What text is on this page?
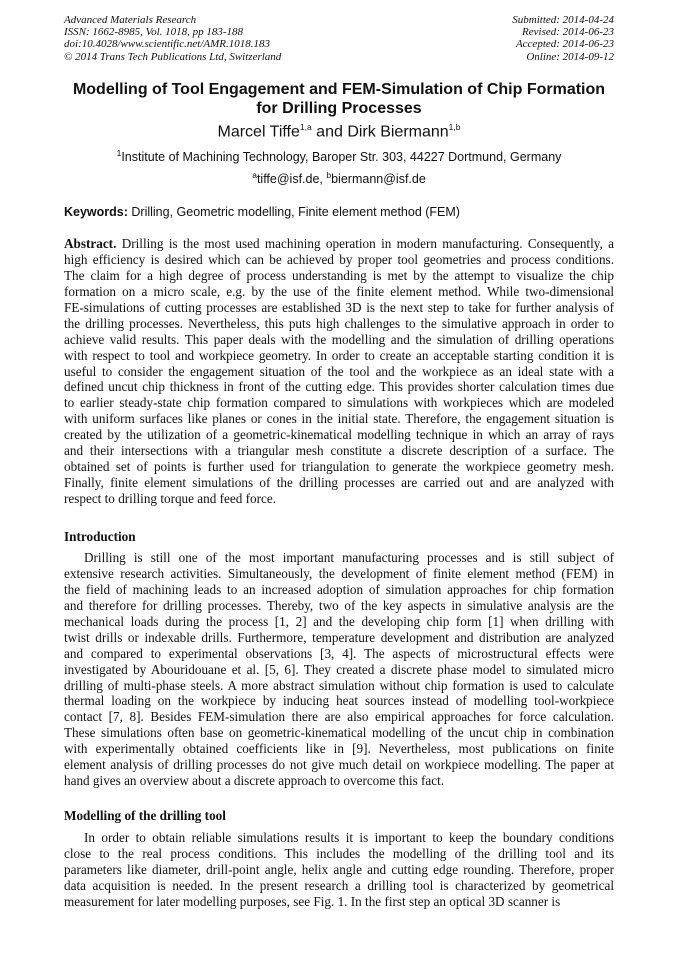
Advanced Materials Research
ISSN: 1662-8985, Vol. 1018, pp 183-188
doi:10.4028/www.scientific.net/AMR.1018.183
© 2014 Trans Tech Publications Ltd, Switzerland
Submitted: 2014-04-24
Revised: 2014-06-23
Accepted: 2014-06-23
Online: 2014-09-12
Modelling of Tool Engagement and FEM-Simulation of Chip Formation
for Drilling Processes
Marcel Tiffe$^{1,a}$ and Dirk Biermann$^{1,b}$
$^1$Institute of Machining Technology, Baroper Str. 303, 44227 Dortmund, Germany
$^a$tiffe@isf.de, $^b$biermann@isf.de
Keywords: Drilling, Geometric modelling, Finite element method (FEM)
Abstract. Drilling is the most used machining operation in modern manufacturing. Consequently, a
high efficiency is desired which can be achieved by proper tool geometries and process conditions.
The claim for a high degree of process understanding is met by the attempt to visualize the chip
formation on a micro scale, e.g. by the use of the finite element method. While two-dimensional
FE-simulations of cutting processes are established 3D is the next step to take for further analysis of
the drilling processes. Nevertheless, this puts high challenges to the simulative approach in order to
achieve valid results. This paper deals with the modelling and the simulation of drilling operations
with respect to tool and workpiece geometry. In order to create an acceptable starting condition it is
useful to consider the engagement situation of the tool and the workpiece as an ideal state with a
defined uncut chip thickness in front of the cutting edge. This provides shorter calculation times due
to earlier steady-state chip formation compared to simulations with workpieces which are modeled
with uniform surfaces like planes or cones in the initial state. Therefore, the engagement situation is
created by the utilization of a geometric-kinematical modelling technique in which an array of rays
and their intersections with a triangular mesh constitute a discrete description of a surface. The
obtained set of points is further used for triangulation to generate the workpiece geometry mesh.
Finally, finite element simulations of the drilling processes are carried out and are analyzed with
respect to drilling torque and feed force.
Introduction
Drilling is still one of the most important manufacturing processes and is still subject of
extensive research activities. Simultaneously, the development of finite element method (FEM) in
the field of machining leads to an increased adoption of simulation approaches for chip formation
and therefore for drilling processes. Thereby, two of the key aspects in simulative analysis are the
mechanical loads during the process [1, 2] and the developing chip form [1] when drilling with
twist drills or indexable drills. Furthermore, temperature development and distribution are analyzed
and compared to experimental observations [3, 4]. The aspects of microstructural effects were
investigated by Abouridouane et al. [5, 6]. They created a discrete phase model to simulated micro
drilling of multi-phase steels. A more abstract simulation without chip formation is used to calculate
thermal loading on the workpiece by inducing heat sources instead of modelling tool-workpiece
contact [7, 8]. Besides FEM-simulation there are also empirical approaches for force calculation.
These simulations often base on geometric-kinematical modelling of the uncut chip in combination
with experimentally obtained coefficients like in [9]. Nevertheless, most publications on finite
element analysis of drilling processes do not give much detail on workpiece modelling. The paper at
hand gives an overview about a discrete approach to overcome this fact.
Modelling of the drilling tool
In order to obtain reliable simulations results it is important to keep the boundary conditions
close to the real process conditions. This includes the modelling of the drilling tool and its
parameters like diameter, drill-point angle, helix angle and cutting edge rounding. Therefore, proper
data acquisition is needed. In the present research a drilling tool is characterized by geometrical
measurement for later modelling purposes, see Fig. 1. In the first step an optical 3D scanner is
